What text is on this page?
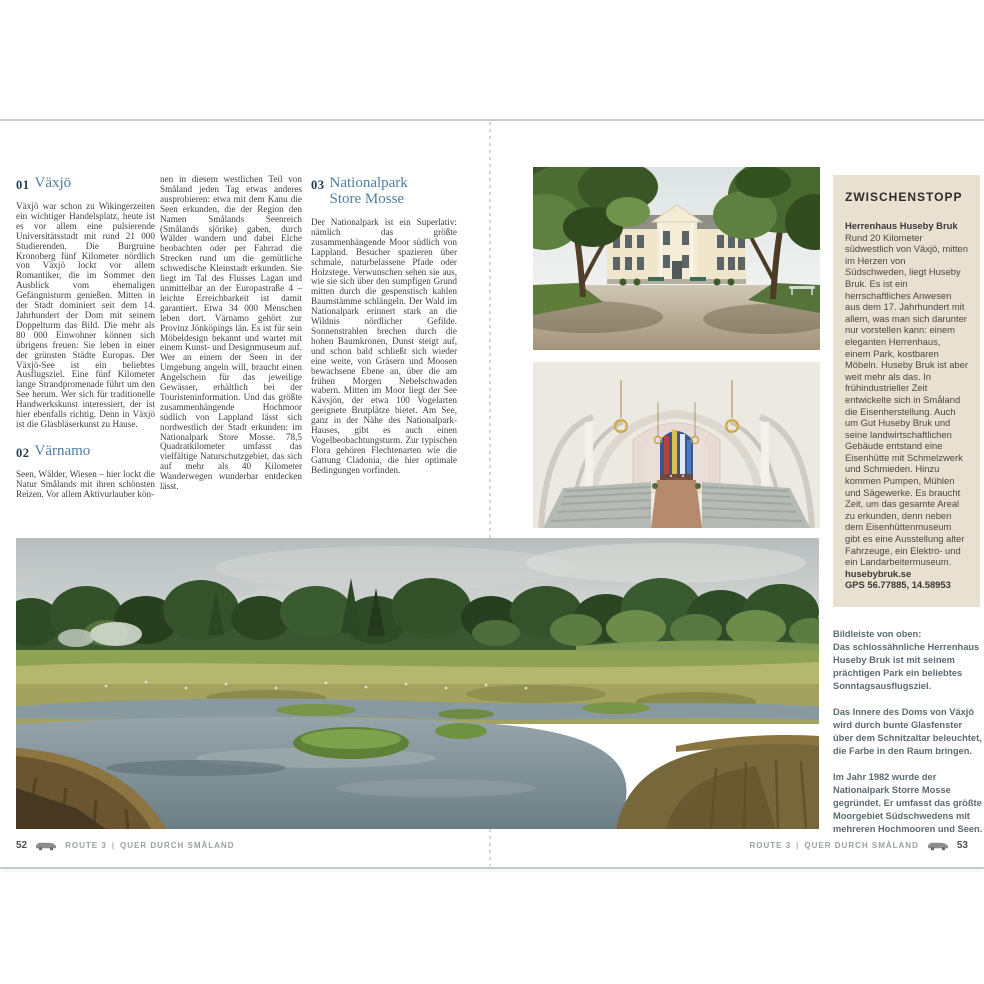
01 Växjö

Växjö war schon zu Wikingerzeiten ein wichtiger Handelsplatz, heute ist es vor allem eine pulsierende Universitätsstadt mit rund 21 000 Studierenden. Die Burgruine Kronoberg fünf Kilometer nördlich von Växjö lockt vor allem Romantiker, die im Sommer den Ausblick vom ehemaligen Gefängnisturm genießen. Mitten in der Stadt dominiert seit dem 14. Jahrhundert der Dom mit seinem Doppelturm das Bild. Die mehr als 80 000 Einwohner können sich übrigens freuen: Sie leben in einer der grünsten Städte Europas. Der Växjö-See ist ein beliebtes Ausflugsziel. Eine fünf Kilometer lange Strandpromenade führt um den See herum. Wer sich für traditionelle Handwerkskunst interessiert, der ist hier ebenfalls richtig. Denn in Växjö ist die Glasbläserkunst zu Hause.

02 Värnamo

Seen, Wälder, Wiesen – hier lockt die Natur Smålands mit ihren schönsten Reizen. Vor allem Aktivurlauber kön-

nen in diesem westlichen Teil von Småland jeden Tag etwas anderes ausprobieren: etwa mit dem Kanu die Seen erkunden, die der Region den Namen Smålands Seenreich (Smålands sjörike) gaben, durch Wälder wandern und dabei Elche beobachten oder per Fahrrad die Strecken rund um die gemütliche schwedische Kleinstadt erkunden. Sie liegt im Tal des Flusses Lagan und unmittelbar an der Europastraße 4 – leichte Erreichbarkeit ist damit garantiert. Etwa 34 000 Menschen leben dort. Värnamo gehört zur Provinz Jönköpings län. Es ist für sein Möbeldesign bekannt und wartet mit einem Kunst- und Designmuseum auf. Wer an einem der Seen in der Umgebung angeln will, braucht einen Angelschein für das jeweilige Gewässer, erhältlich bei der Touristeninformation. Und das größte zusammenhängende Hochmoor südlich von Lappland lässt sich nordwestlich der Stadt erkunden: im Nationalpark Store Mosse. 78,5 Quadratkilometer umfasst das vielfältige Naturschutzgebiet, das sich auf mehr als 40 Kilometer Wanderwegen wunderbar entdecken lässt.

03 Nationalpark
Store Mosse

Der Nationalpark ist ein Superlativ: nämlich das größte zusammenhängende Moor südlich von Lappland. Besucher spazieren über schmale, naturbelassene Pfade oder Holzstege. Verwunschen sehen sie aus, wie sie sich über den sumpfigen Grund mitten durch die gespenstisch kahlen Baumstämme schlängeln. Der Wald im Nationalpark erinnert stark an die Wildnis nördlicher Gefilde. Sonnenstrahlen brechen durch die hohen Baumkronen, Dunst steigt auf, und schon bald schließt sich wieder eine weite, von Gräsern und Moosen bewachsene Ebene an, über die am frühen Morgen Nebelschwaden wabern. Mitten im Moor liegt der See Kävsjön, der etwa 100 Vogelarten geeignete Brutplätze bietet. Am See, ganz in der Nähe des Nationalpark-Hauses, gibt es auch einen Vogelbeobachtungsturm. Zur typischen Flora gehören Flechtenarten wie die Gattung Cladonia, die hier optimale Bedingungen vorfinden.

ZWISCHENSTOPP

Herrenhaus Huseby Bruk

Rund 20 Kilometer südwestlich von Växjö, mitten im Herzen von Südschweden, liegt Huseby Bruk. Es ist ein herrschaftliches Anwesen aus dem 17. Jahrhundert mit allem, was man sich darunter nur vorstellen kann: einem eleganten Herrenhaus, einem Park, kostbaren Möbeln. Huseby Bruk ist aber weit mehr als das. In frühindustrieller Zeit entwickelte sich in Småland die Eisenherstellung. Auch um Gut Huseby Bruk und seine landwirtschaftlichen Gebäude entstand eine Eisenhütte mit Schmelzwerk und Schmieden. Hinzu kommen Pumpen, Mühlen und Sägewerke. Es braucht Zeit, um das gesamte Areal zu erkunden, denn neben dem Eisenhüttenmuseum gibt es eine Ausstellung alter Fahrzeuge, ein Elektro- und ein Landarbeitermuseum.

husebybruk.se

GPS 56.77885, 14.58953

Bildleiste von oben:
Das schlossähnliche Herrenhaus Huseby Bruk ist mit seinem prächtigen Park ein beliebtes Sonntagsausflugsziel.
Das Innere des Doms von Växjö wird durch bunte Glasfenster über dem Schnitzaltar beleuchtet, die Farbe in den Raum bringen.
Im Jahr 1982 wurde der Nationalpark Storre Mosse gegründet. Er umfasst das größte Moorgebiet Südschwedens mit mehreren Hochmooren und Seen.
52	ROUTE 3 | QUER DURCH SMÅLAND	ROUTE 3 | QUER DURCH SMÅLAND	53
